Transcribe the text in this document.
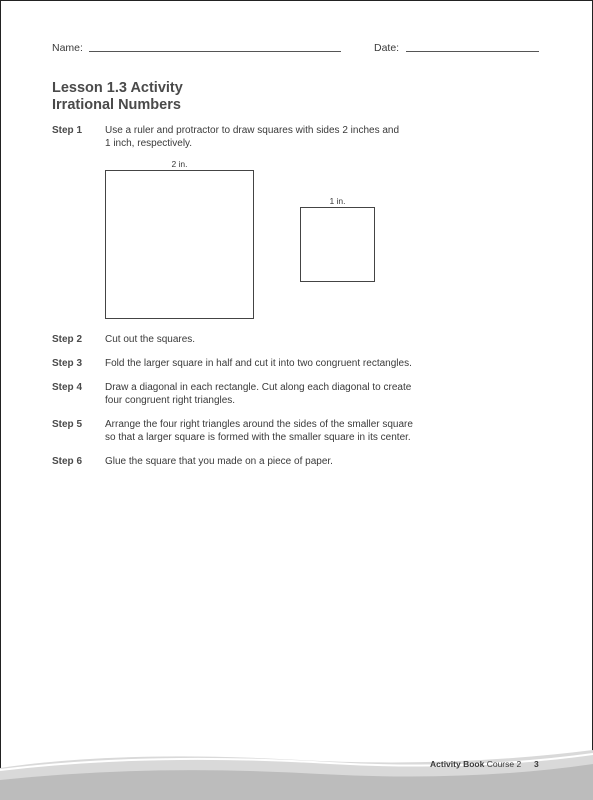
Name:	Date:
Lesson 1.3 Activity
Irrational Numbers
Step 1 Use a ruler and protractor to draw squares with sides 2 inches and
1 inch, respectively.
2 in.
1 in.
Step 2 Cut out the squares.
Step 3 Fold the larger square in half and cut it into two congruent rectangles.
Step 4 Draw a diagonal in each rectangle. Cut along each diagonal to create
four congruent right triangles.
Step 5 Arrange the four right triangles around the sides of the smaller square
so that a larger square is formed with the smaller square in its center.
Step 6 Glue the square that you made on a piece of paper.
Activity Book Course 2 3
